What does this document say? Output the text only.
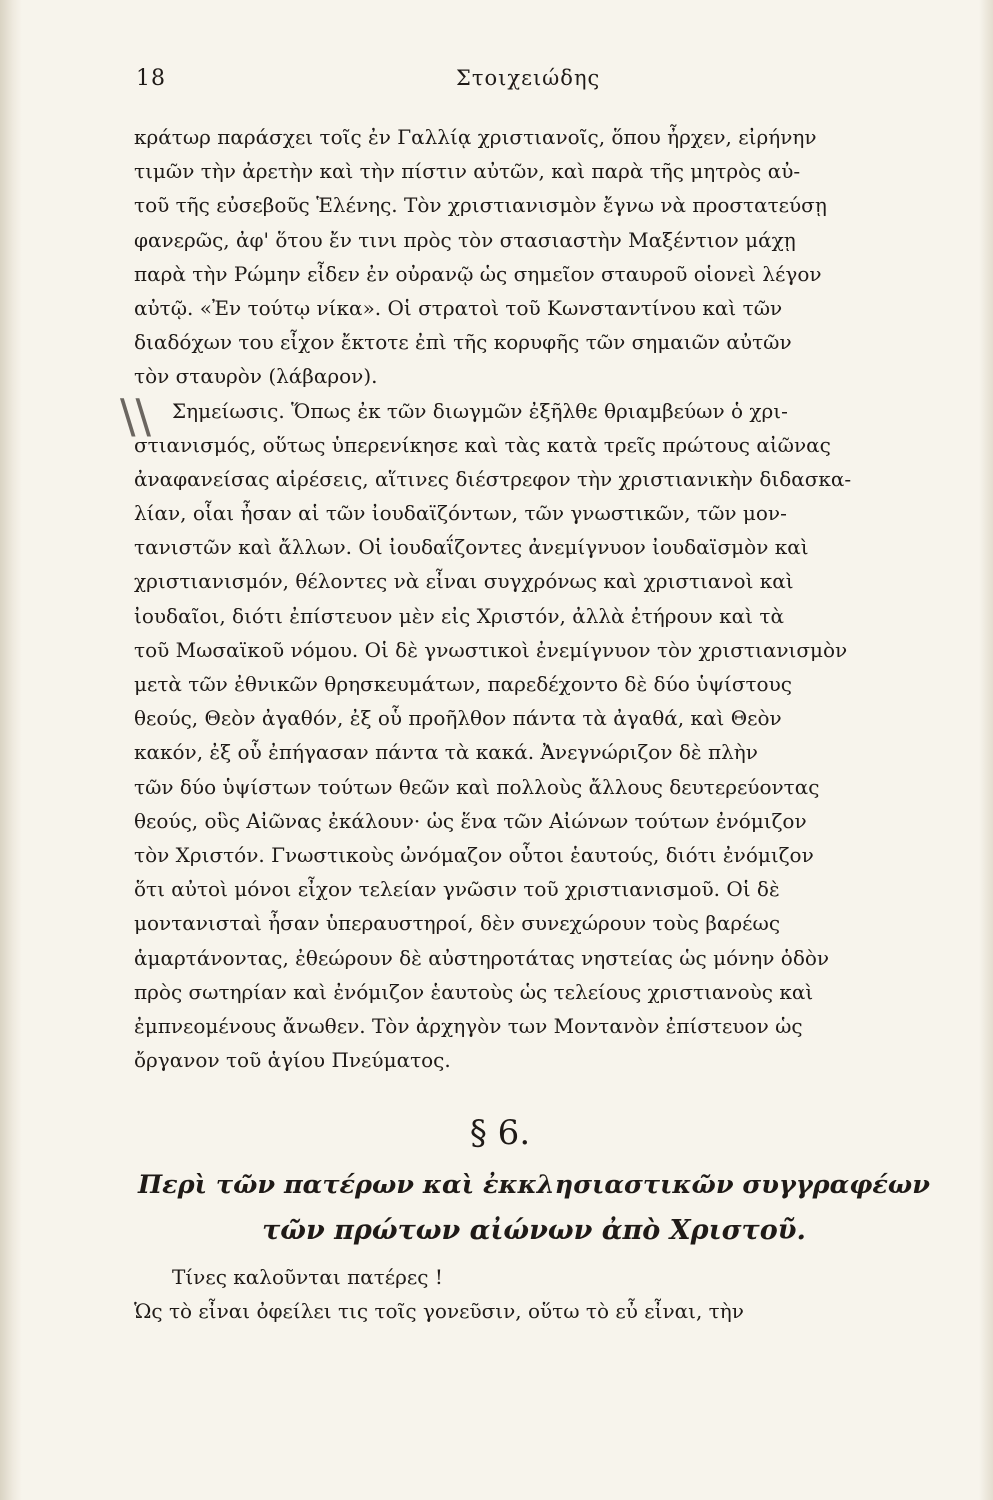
18	Στοιχειώδης
\\
κράτωρ παράσχει τοῖς ἐν Γαλλίᾳ χριστιανοῖς, ὅπου ἦρχεν, εἰρήνην
τιμῶν τὴν ἀρετὴν καὶ τὴν πίστιν αὐτῶν, καὶ παρὰ τῆς μητρὸς αὐ-
τοῦ τῆς εὐσεβοῦς Ἑλένης. Τὸν χριστιανισμὸν ἔγνω νὰ προστατεύσῃ
φανερῶς, ἀφ' ὅτου ἔν τινι πρὸς τὸν στασιαστὴν Μαξέντιον μάχῃ
παρὰ τὴν Ρώμην εἶδεν ἐν οὐρανῷ ὡς σημεῖον σταυροῦ οἱονεὶ λέγον
αὐτῷ. «Ἐν τούτῳ νίκα». Οἱ στρατοὶ τοῦ Κωνσταντίνου καὶ τῶν
διαδόχων του εἶχον ἔκτοτε ἐπὶ τῆς κορυφῆς τῶν σημαιῶν αὐτῶν
τὸν σταυρὸν (λάβαρον).
Σημείωσις. Ὅπως ἐκ τῶν διωγμῶν ἐξῆλθε θριαμβεύων ὁ χρι-
στιανισμός, οὕτως ὑπερενίκησε καὶ τὰς κατὰ τρεῖς πρώτους αἰῶνας
ἀναφανείσας αἱρέσεις, αἵτινες διέστρεφον τὴν χριστιανικὴν διδασκα-
λίαν, οἷαι ἦσαν αἱ τῶν ἰουδαϊζόντων, τῶν γνωστικῶν, τῶν μον-
τανιστῶν καὶ ἄλλων. Οἱ ἰουδαΐζοντες ἀνεμίγνυον ἰουδαϊσμὸν καὶ
χριστιανισμόν, θέλοντες νὰ εἶναι συγχρόνως καὶ χριστιανοὶ καὶ
ἰουδαῖοι, διότι ἐπίστευον μὲν εἰς Χριστόν, ἀλλὰ ἐτήρουν καὶ τὰ
τοῦ Μωσαϊκοῦ νόμου. Οἱ δὲ γνωστικοὶ ἐνεμίγνυον τὸν χριστιανισμὸν
μετὰ τῶν ἐθνικῶν θρησκευμάτων, παρεδέχοντο δὲ δύο ὑψίστους
θεούς, Θεὸν ἀγαθόν, ἐξ οὗ προῆλθον πάντα τὰ ἀγαθά, καὶ Θεὸν
κακόν, ἐξ οὗ ἐπήγασαν πάντα τὰ κακά. Ἀνεγνώριζον δὲ πλὴν
τῶν δύο ὑψίστων τούτων θεῶν καὶ πολλοὺς ἄλλους δευτερεύοντας
θεούς, οὓς Αἰῶνας ἐκάλουν· ὡς ἕνα τῶν Αἰώνων τούτων ἐνόμιζον
τὸν Χριστόν. Γνωστικοὺς ὠνόμαζον οὗτοι ἑαυτούς, διότι ἐνόμιζον
ὅτι αὐτοὶ μόνοι εἶχον τελείαν γνῶσιν τοῦ χριστιανισμοῦ. Οἱ δὲ
μοντανισταὶ ἦσαν ὑπεραυστηροί, δὲν συνεχώρουν τοὺς βαρέως
ἁμαρτάνοντας, ἐθεώρουν δὲ αὐστηροτάτας νηστείας ὡς μόνην ὁδὸν
πρὸς σωτηρίαν καὶ ἐνόμιζον ἑαυτοὺς ὡς τελείους χριστιανοὺς καὶ
ἐμπνεομένους ἄνωθεν. Τὸν ἀρχηγὸν των Μοντανὸν ἐπίστευον ὡς
ὄργανον τοῦ ἁγίου Πνεύματος.
§ 6.
Περὶ τῶν πατέρων καὶ ἐκκλησιαστικῶν συγγραφέων
τῶν πρώτων αἰώνων ἀπὸ Χριστοῦ.
Τίνες καλοῦνται πατέρες !
Ὡς τὸ εἶναι ὀφείλει τις τοῖς γονεῦσιν, οὕτω τὸ εὖ εἶναι, τὴν
